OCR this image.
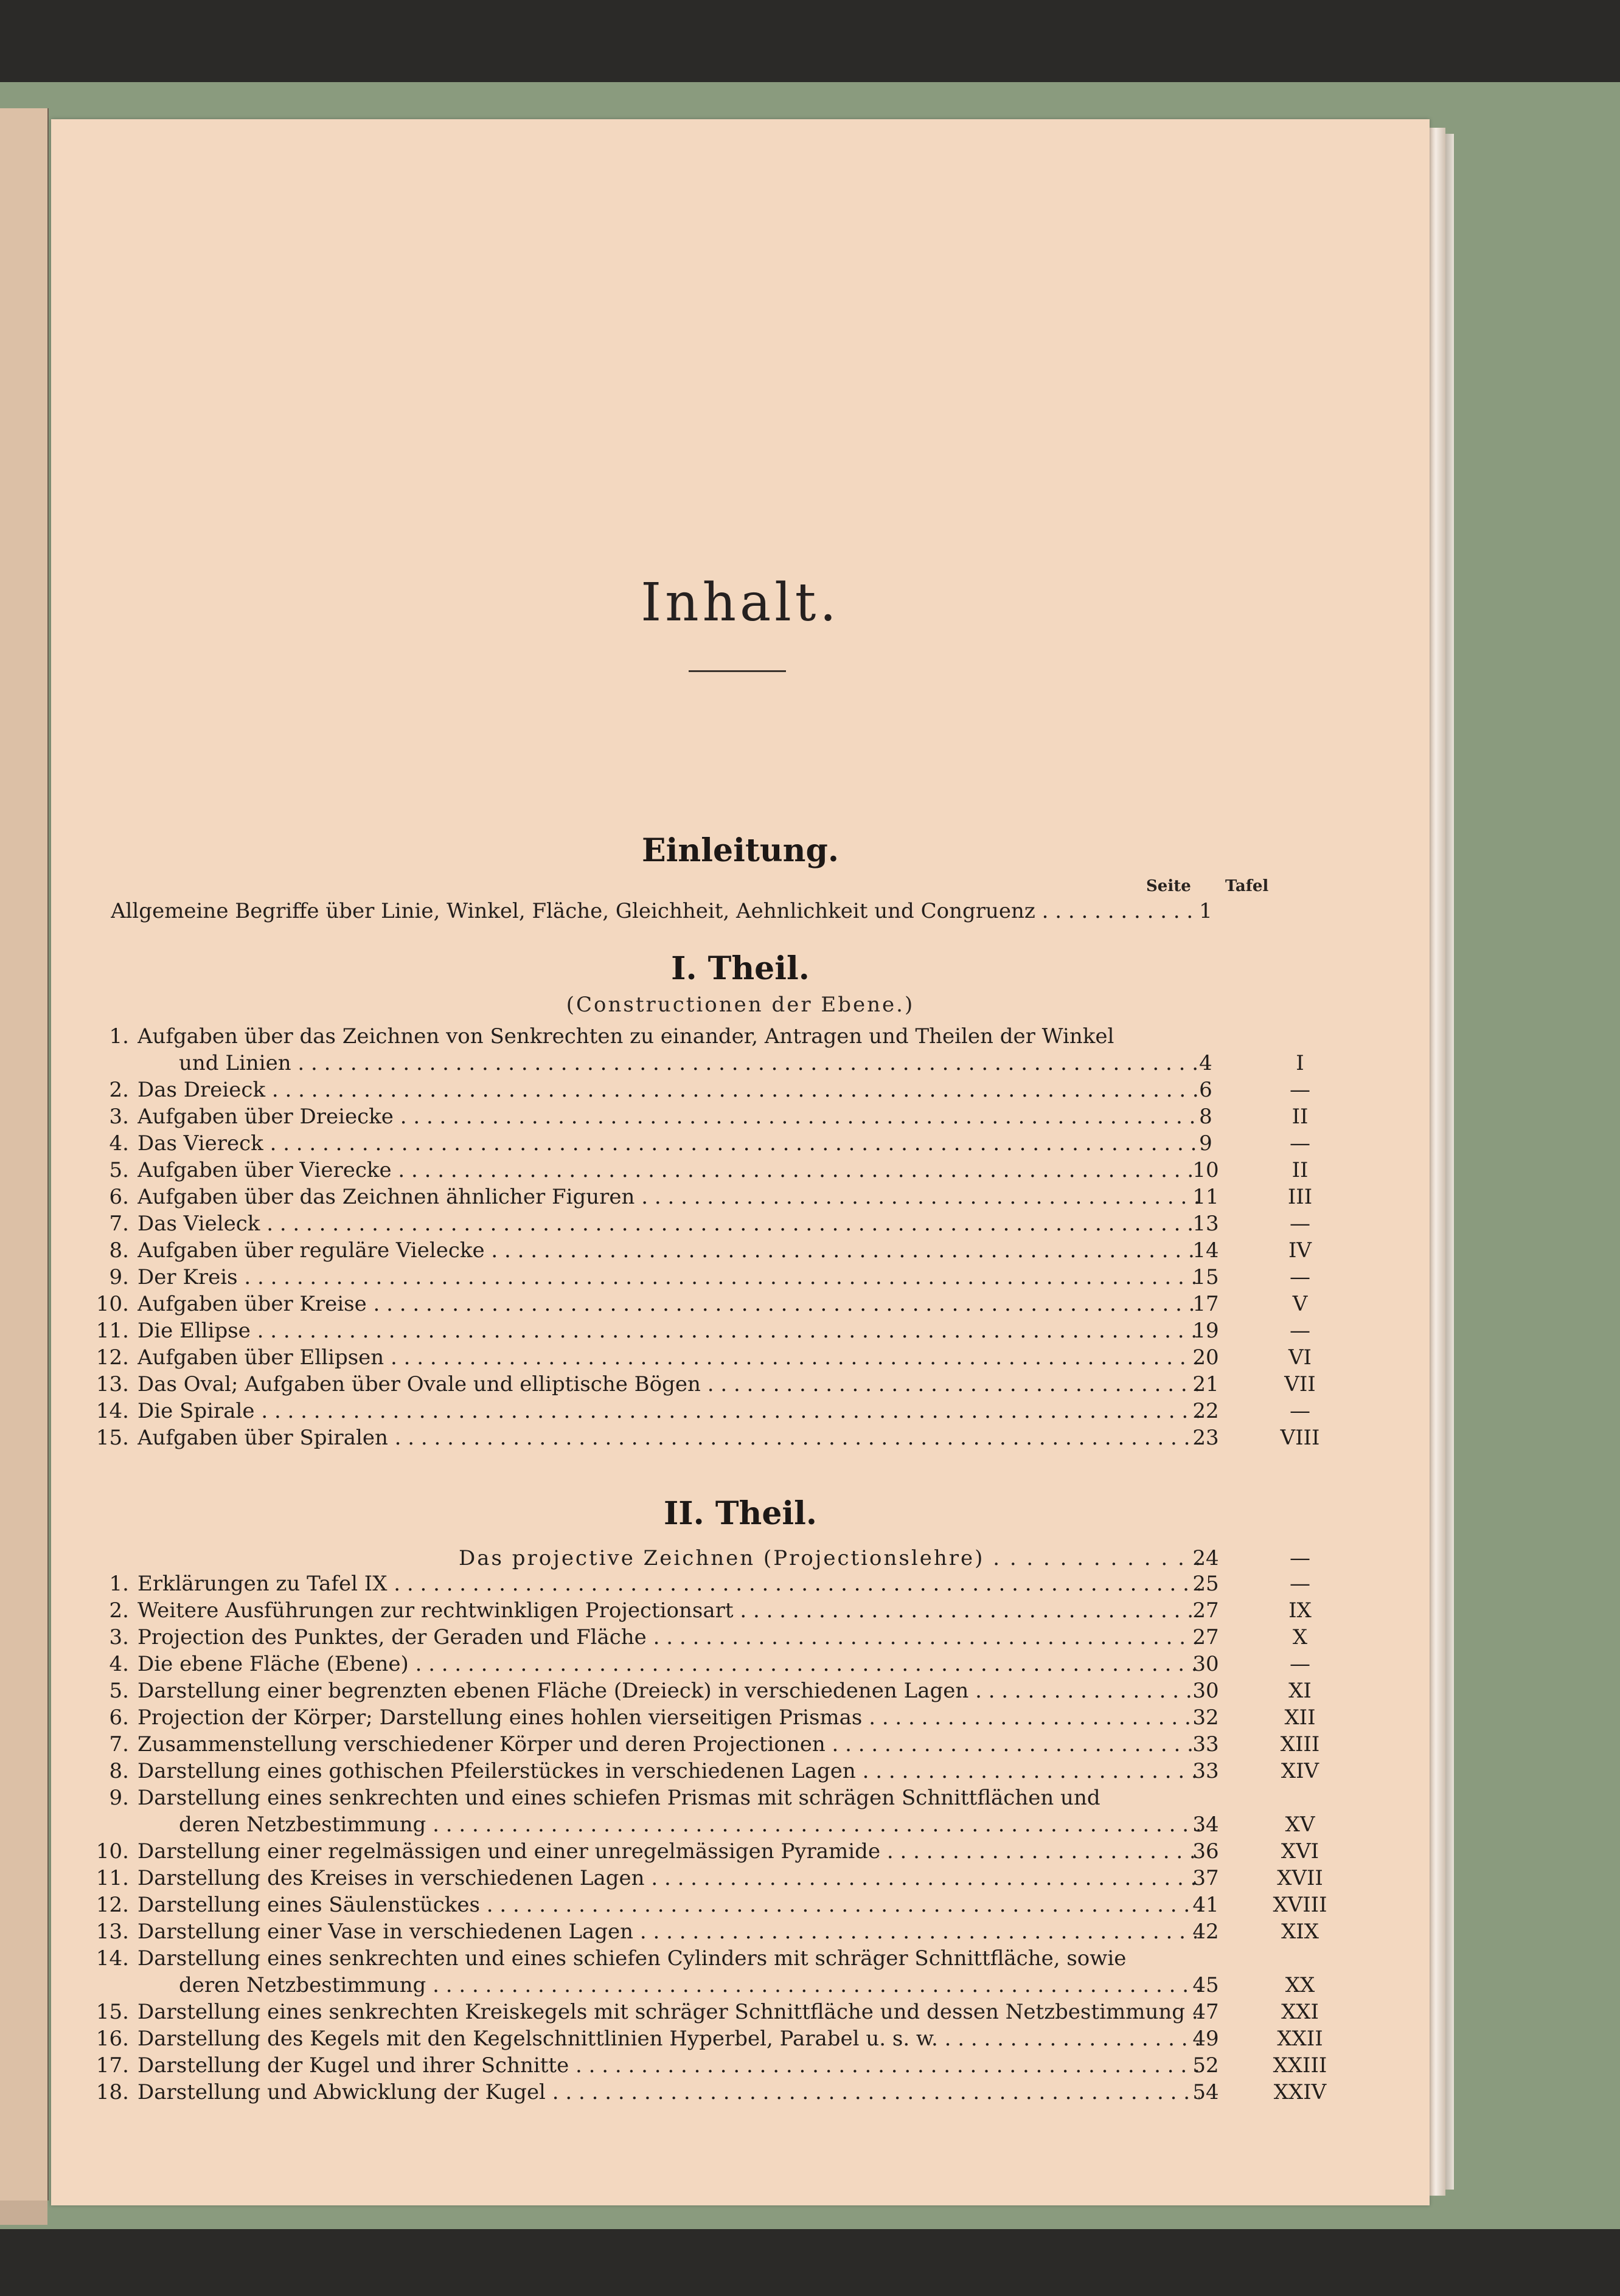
Inhalt.
Einleitung.
Seite Tafel
Allgemeine Begriffe über Linie, Winkel, Fläche, Gleichheit, Aehnlichkeit und Congruenz . . .	1
I. Theil.
(Constructionen der Ebene.)
1. Aufgaben über das Zeichnen von Senkrechten zu einander, Antragen und Theilen der Winkel
und Linien . . .	4	I
2. Das Dreieck . . .	6	—
3. Aufgaben über Dreiecke . . .	8	II
4. Das Viereck . . .	9	—
5. Aufgaben über Vierecke . . .	10	II
6. Aufgaben über das Zeichnen ähnlicher Figuren . . .	11	III
7. Das Vieleck . . .	13	—
8. Aufgaben über reguläre Vielecke . . .	14	IV
9. Der Kreis . . .	15	—
10. Aufgaben über Kreise . . .	17	V
11. Die Ellipse . . .	19	—
12. Aufgaben über Ellipsen . . .	20	VI
13. Das Oval; Aufgaben über Ovale und elliptische Bögen . . .	21	VII
14. Die Spirale . . .	22	—
15. Aufgaben über Spiralen . . .	23	VIII
II. Theil.
Das projective Zeichnen (Projectionslehre) . . .	24	—
1. Erklärungen zu Tafel IX . . .	25	—
2. Weitere Ausführungen zur rechtwinkligen Projectionsart . . .	27	IX
3. Projection des Punktes, der Geraden und Fläche . . .	27	X
4. Die ebene Fläche (Ebene) . . .	30	—
5. Darstellung einer begrenzten ebenen Fläche (Dreieck) in verschiedenen Lagen . . .	30	XI
6. Projection der Körper; Darstellung eines hohlen vierseitigen Prismas . . .	32	XII
7. Zusammenstellung verschiedener Körper und deren Projectionen . . .	33	XIII
8. Darstellung eines gothischen Pfeilerstückes in verschiedenen Lagen . . .	33	XIV
9. Darstellung eines senkrechten und eines schiefen Prismas mit schrägen Schnittflächen und
deren Netzbestimmung . . .	34	XV
10. Darstellung einer regelmässigen und einer unregelmässigen Pyramide . . .	36	XVI
11. Darstellung des Kreises in verschiedenen Lagen . . .	37	XVII
12. Darstellung eines Säulenstückes . . .	41	XVIII
13. Darstellung einer Vase in verschiedenen Lagen . . .	42	XIX
14. Darstellung eines senkrechten und eines schiefen Cylinders mit schräger Schnittfläche, sowie
deren Netzbestimmung . . .	45	XX
15. Darstellung eines senkrechten Kreiskegels mit schräger Schnittfläche und dessen Netzbestimmung . . . 47	XXI
16. Darstellung des Kegels mit den Kegelschnittlinien Hyperbel, Parabel u. s. w. . . .	49	XXII
17. Darstellung der Kugel und ihrer Schnitte . . .	52	XXIII
18. Darstellung und Abwicklung der Kugel . . .	54	XXIV
